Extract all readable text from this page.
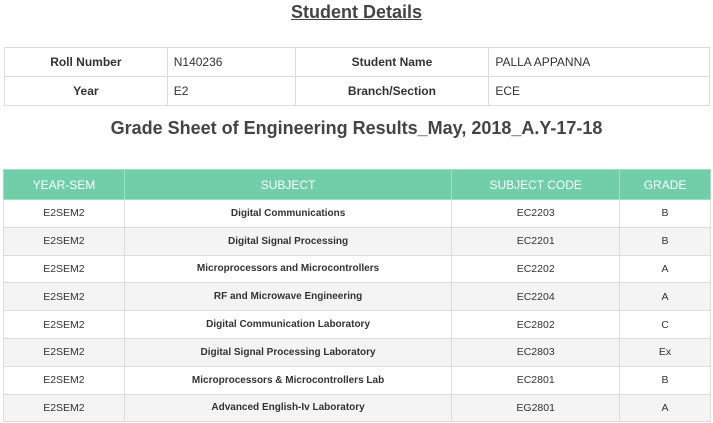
Student Details
Roll Number	N140236	Student Name	PALLA APPANNA
Year	E2	Branch/Section	ECE
Grade Sheet of Engineering Results_May, 2018_A.Y-17-18
YEAR-SEM	SUBJECT	SUBJECT CODE	GRADE
E2SEM2	Digital Communications	EC2203	B
E2SEM2	Digital Signal Processing	EC2201	B
E2SEM2	Microprocessors and Microcontrollers	EC2202	A
E2SEM2	RF and Microwave Engineering	EC2204	A
E2SEM2	Digital Communication Laboratory	EC2802	C
E2SEM2	Digital Signal Processing Laboratory	EC2803	Ex
E2SEM2	Microprocessors & Microcontrollers Lab	EC2801	B
E2SEM2	Advanced English-Iv Laboratory	EG2801	A
